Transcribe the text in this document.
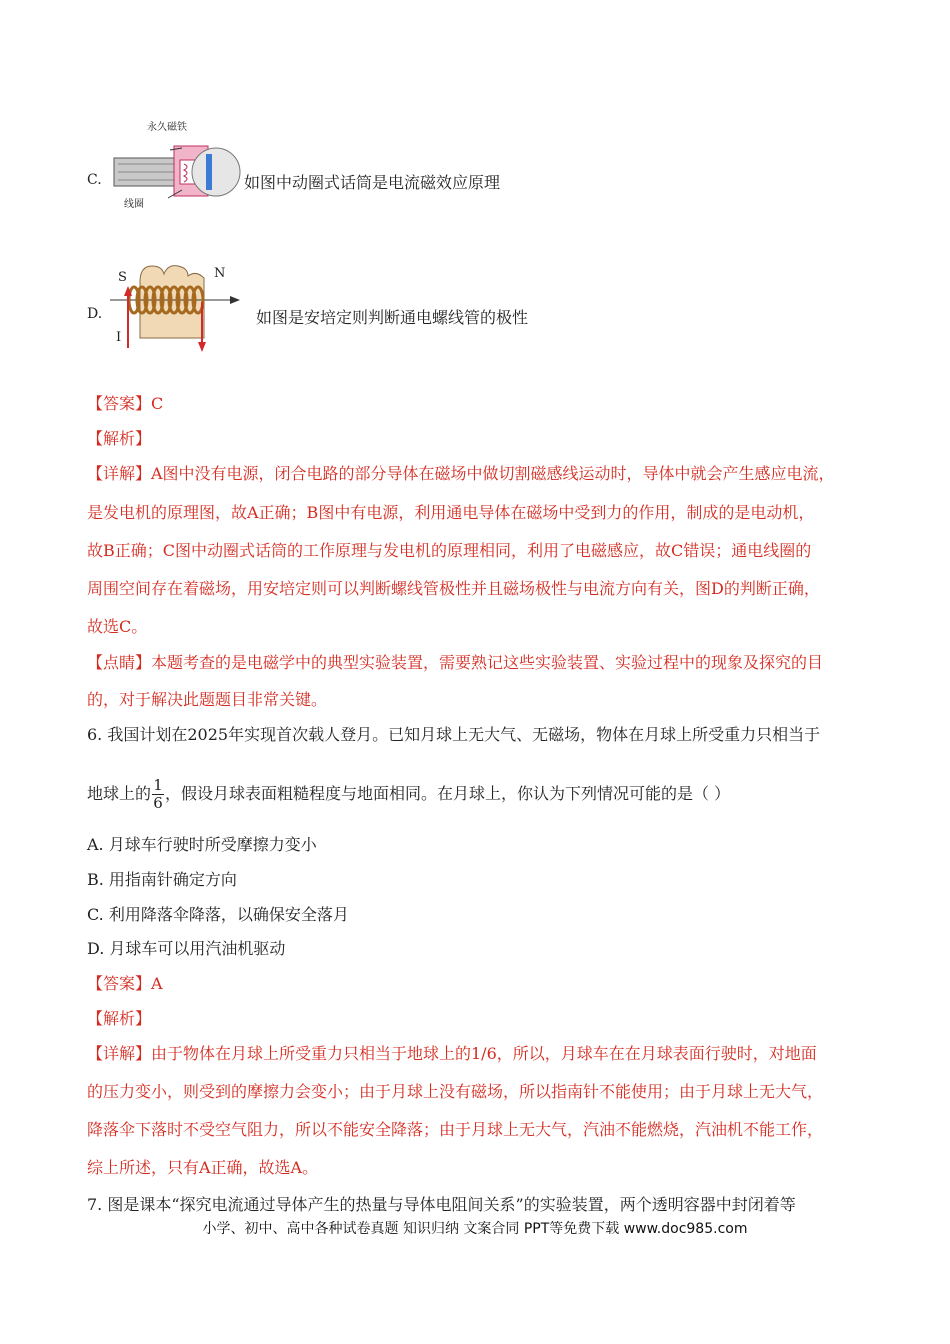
C.
永久磁铁
线圈
如图中动圈式话筒是电流磁效应原理
D.
S	N
I
如图是安培定则判断通电螺线管的极性
【答案】C
【解析】
【详解】A图中没有电源，闭合电路的部分导体在磁场中做切割磁感线运动时，导体中就会产生感应电流，
是发电机的原理图，故A正确；B图中有电源，利用通电导体在磁场中受到力的作用，制成的是电动机，
故B正确；C图中动圈式话筒的工作原理与发电机的原理相同，利用了电磁感应，故C错误；通电线圈的
周围空间存在着磁场，用安培定则可以判断螺线管极性并且磁场极性与电流方向有关，图D的判断正确，
故选C。
【点睛】本题考查的是电磁学中的典型实验装置，需要熟记这些实验装置、实验过程中的现象及探究的目
的，对于解决此题题目非常关键。
6. 我国计划在2025年实现首次载人登月。已知月球上无大气、无磁场，物体在月球上所受重力只相当于
地球上的 $\frac{1}{6}$ ，假设月球表面粗糙程度与地面相同。在月球上，你认为下列情况可能的是（ ）
A. 月球车行驶时所受摩擦力变小
B. 用指南针确定方向
C. 利用降落伞降落，以确保安全落月
D. 月球车可以用汽油机驱动
【答案】A
【解析】
【详解】由于物体在月球上所受重力只相当于地球上的1/6，所以，月球车在在月球表面行驶时，对地面
的压力变小，则受到的摩擦力会变小；由于月球上没有磁场，所以指南针不能使用；由于月球上无大气，
降落伞下落时不受空气阻力，所以不能安全降落；由于月球上无大气，汽油不能燃烧，汽油机不能工作，
综上所述，只有A正确，故选A。
7. 图是课本“探究电流通过导体产生的热量与导体电阻间关系”的实验装置，两个透明容器中封闭着等
小学、初中、高中各种试卷真题 知识归纳 文案合同 PPT等免费下载 www.doc985.com
